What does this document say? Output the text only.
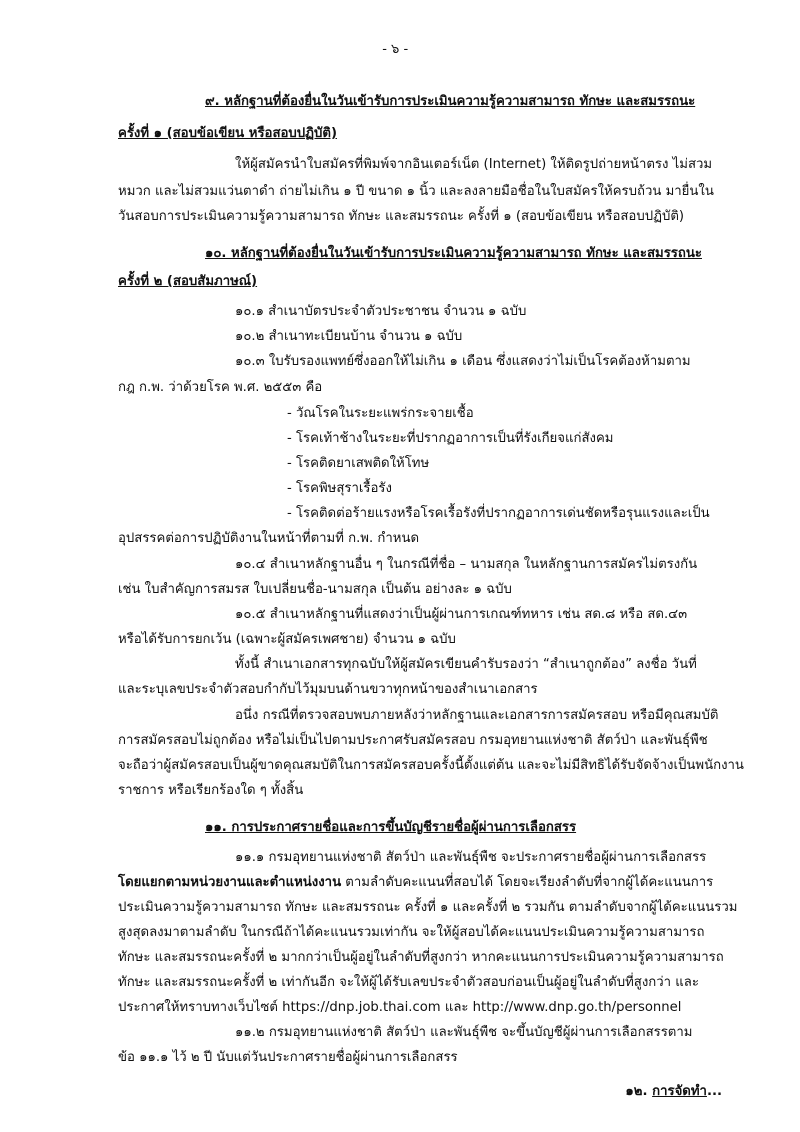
- ๖ -
๙. หลักฐานที่ต้องยื่นในวันเข้ารับการประเมินความรู้ความสามารถ ทักษะ และสมรรถนะ
ครั้งที่ ๑ (สอบข้อเขียน หรือสอบปฏิบัติ)
ให้ผู้สมัครนำใบสมัครที่พิมพ์จากอินเตอร์เน็ต (Internet) ให้ติดรูปถ่ายหน้าตรง ไม่สวม
หมวก และไม่สวมแว่นตาดำ ถ่ายไม่เกิน ๑ ปี ขนาด ๑ นิ้ว และลงลายมือชื่อในใบสมัครให้ครบถ้วน มายื่นใน
วันสอบการประเมินความรู้ความสามารถ ทักษะ และสมรรถนะ ครั้งที่ ๑ (สอบข้อเขียน หรือสอบปฏิบัติ)
๑๐. หลักฐานที่ต้องยื่นในวันเข้ารับการประเมินความรู้ความสามารถ ทักษะ และสมรรถนะ
ครั้งที่ ๒ (สอบสัมภาษณ์)
๑๐.๑ สำเนาบัตรประจำตัวประชาชน จำนวน ๑ ฉบับ
๑๐.๒ สำเนาทะเบียนบ้าน จำนวน ๑ ฉบับ
๑๐.๓ ใบรับรองแพทย์ซึ่งออกให้ไม่เกิน ๑ เดือน ซึ่งแสดงว่าไม่เป็นโรคต้องห้ามตาม
กฎ ก.พ. ว่าด้วยโรค พ.ศ. ๒๕๕๓ คือ
- วัณโรคในระยะแพร่กระจายเชื้อ
- โรคเท้าช้างในระยะที่ปรากฏอาการเป็นที่รังเกียจแก่สังคม
- โรคติดยาเสพติดให้โทษ
- โรคพิษสุราเรื้อรัง
- โรคติดต่อร้ายแรงหรือโรคเรื้อรังที่ปรากฏอาการเด่นชัดหรือรุนแรงและเป็น
อุปสรรคต่อการปฏิบัติงานในหน้าที่ตามที่ ก.พ. กำหนด
๑๐.๔ สำเนาหลักฐานอื่น ๆ ในกรณีที่ชื่อ – นามสกุล ในหลักฐานการสมัครไม่ตรงกัน
เช่น ใบสำคัญการสมรส ใบเปลี่ยนชื่อ-นามสกุล เป็นต้น อย่างละ ๑ ฉบับ
๑๐.๕ สำเนาหลักฐานที่แสดงว่าเป็นผู้ผ่านการเกณฑ์ทหาร เช่น สด.๘ หรือ สด.๔๓
หรือได้รับการยกเว้น (เฉพาะผู้สมัครเพศชาย) จำนวน ๑ ฉบับ
ทั้งนี้ สำเนาเอกสารทุกฉบับให้ผู้สมัครเขียนคำรับรองว่า “สำเนาถูกต้อง” ลงชื่อ วันที่
และระบุเลขประจำตัวสอบกำกับไว้มุมบนด้านขวาทุกหน้าของสำเนาเอกสาร
อนึ่ง กรณีที่ตรวจสอบพบภายหลังว่าหลักฐานและเอกสารการสมัครสอบ หรือมีคุณสมบัติ
การสมัครสอบไม่ถูกต้อง หรือไม่เป็นไปตามประกาศรับสมัครสอบ กรมอุทยานแห่งชาติ สัตว์ป่า และพันธุ์พืช
จะถือว่าผู้สมัครสอบเป็นผู้ขาดคุณสมบัติในการสมัครสอบครั้งนี้ตั้งแต่ต้น และจะไม่มีสิทธิได้รับจัดจ้างเป็นพนักงาน
ราชการ หรือเรียกร้องใด ๆ ทั้งสิ้น
๑๑. การประกาศรายชื่อและการขึ้นบัญชีรายชื่อผู้ผ่านการเลือกสรร
๑๑.๑ กรมอุทยานแห่งชาติ สัตว์ป่า และพันธุ์พืช จะประกาศรายชื่อผู้ผ่านการเลือกสรร
โดยแยกตามหน่วยงานและตำแหน่งงาน ตามลำดับคะแนนที่สอบได้ โดยจะเรียงลำดับที่จากผู้ได้คะแนนการ
ประเมินความรู้ความสามารถ ทักษะ และสมรรถนะ ครั้งที่ ๑ และครั้งที่ ๒ รวมกัน ตามลำดับจากผู้ได้คะแนนรวม
สูงสุดลงมาตามลำดับ ในกรณีถ้าได้คะแนนรวมเท่ากัน จะให้ผู้สอบได้คะแนนประเมินความรู้ความสามารถ
ทักษะ และสมรรถนะครั้งที่ ๒ มากกว่าเป็นผู้อยู่ในลำดับที่สูงกว่า หากคะแนนการประเมินความรู้ความสามารถ
ทักษะ และสมรรถนะครั้งที่ ๒ เท่ากันอีก จะให้ผู้ได้รับเลขประจำตัวสอบก่อนเป็นผู้อยู่ในลำดับที่สูงกว่า และ
ประกาศให้ทราบทางเว็บไซต์ https://dnp.job.thai.com และ http://www.dnp.go.th/personnel
๑๑.๒ กรมอุทยานแห่งชาติ สัตว์ป่า และพันธุ์พืช จะขึ้นบัญชีผู้ผ่านการเลือกสรรตาม
ข้อ ๑๑.๑ ไว้ ๒ ปี นับแต่วันประกาศรายชื่อผู้ผ่านการเลือกสรร
๑๒. การจัดทำ...
